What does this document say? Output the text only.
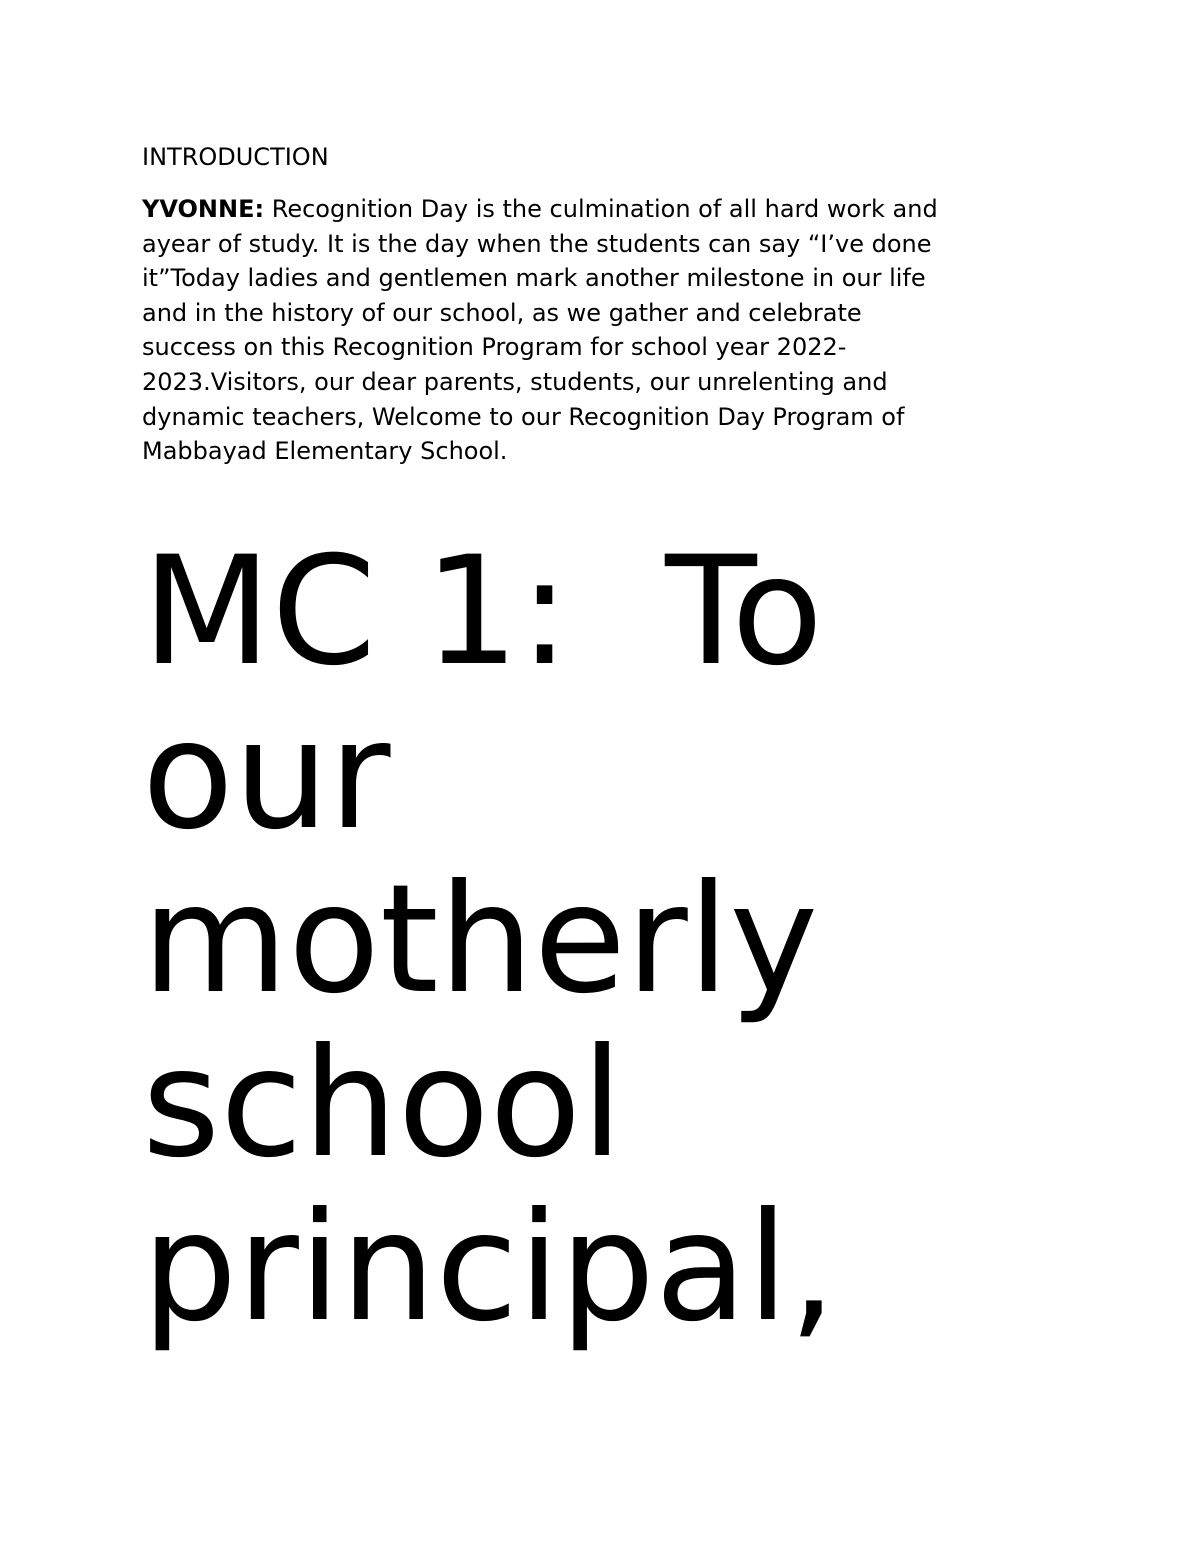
INTRODUCTION

YVONNE: Recognition Day is the culmination of all hard work and
ayear of study. It is the day when the students can say “I’ve done
it”Today ladies and gentlemen mark another milestone in our life
and in the history of our school, as we gather and celebrate
success on this Recognition Program for school year 2022-
2023.Visitors, our dear parents, students, our unrelenting and
dynamic teachers, Welcome to our Recognition Day Program of
Mabbayad Elementary School.

MC 1:  To
our
motherly
school
principal,
